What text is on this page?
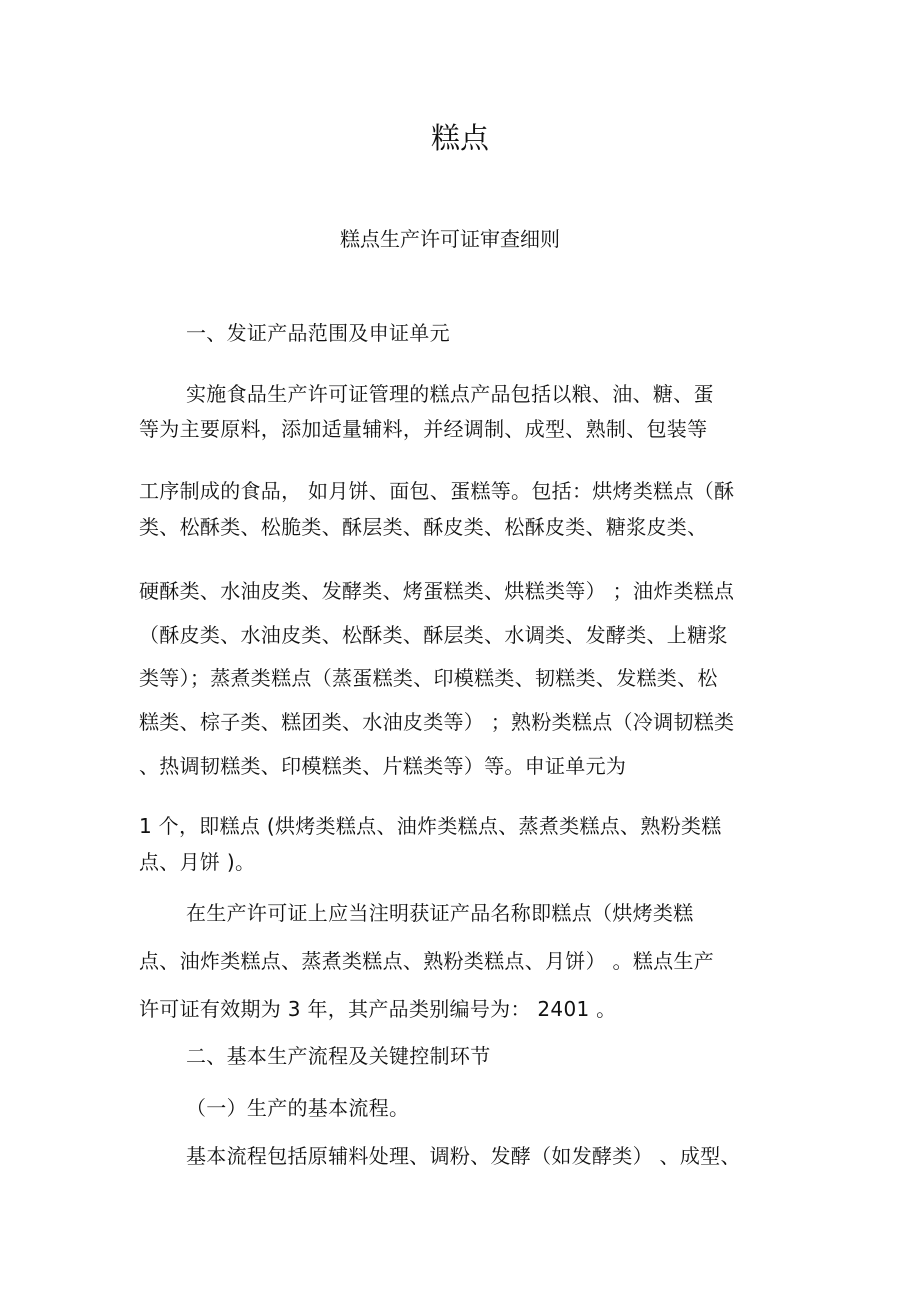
糕点
糕点生产许可证审查细则
一、发证产品范围及申证单元
实施食品生产许可证管理的糕点产品包括以粮、油、糖、蛋
等为主要原料，添加适量辅料，并经调制、成型、熟制、包装等
工序制成的食品， 如月饼、面包、蛋糕等。包括：烘烤类糕点（酥
类、松酥类、松脆类、酥层类、酥皮类、松酥皮类、糖浆皮类、
硬酥类、水油皮类、发酵类、烤蛋糕类、烘糕类等） ；油炸类糕点
（酥皮类、水油皮类、松酥类、酥层类、水调类、发酵类、上糖浆
类等）；蒸煮类糕点（蒸蛋糕类、印模糕类、韧糕类、发糕类、松
糕类、棕子类、糕团类、水油皮类等） ；熟粉类糕点（冷调韧糕类
、热调韧糕类、印模糕类、片糕类等）等。申证单元为
1 个，即糕点 (烘烤类糕点、油炸类糕点、蒸煮类糕点、熟粉类糕
点、月饼 )。
在生产许可证上应当注明获证产品名称即糕点（烘烤类糕
点、油炸类糕点、蒸煮类糕点、熟粉类糕点、月饼） 。糕点生产
许可证有效期为 3 年，其产品类别编号为： 2401 。
二、基本生产流程及关键控制环节
（一）生产的基本流程。
基本流程包括原辅料处理、调粉、发酵（如发酵类） 、成型、
